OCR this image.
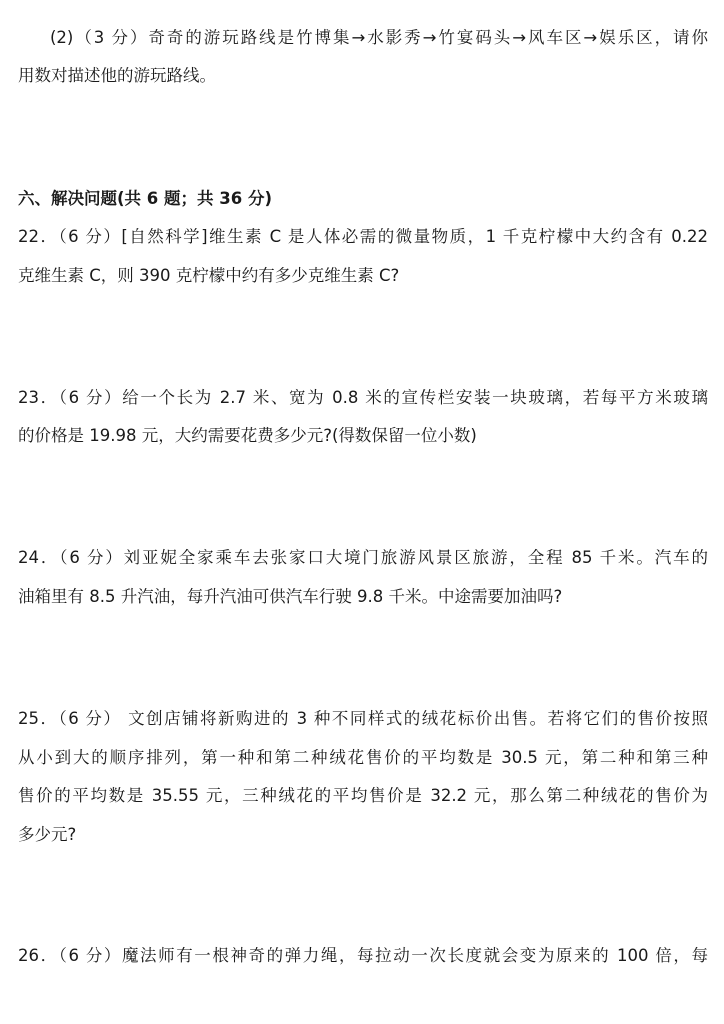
(2)（3 分）奇奇的游玩路线是竹博集→水影秀→竹宴码头→风车区→娱乐区，请你
用数对描述他的游玩路线。
六、解决问题(共 6 题；共 36 分)
22．（6 分）[自然科学]维生素 C 是人体必需的微量物质，1 千克柠檬中大约含有 0.22
克维生素 C，则 390 克柠檬中约有多少克维生素 C?
23．（6 分）给一个长为 2.7 米、宽为 0.8 米的宣传栏安装一块玻璃，若每平方米玻璃
的价格是 19.98 元，大约需要花费多少元?(得数保留一位小数)
24．（6 分）刘亚妮全家乘车去张家口大境门旅游风景区旅游，全程 85 千米。汽车的
油箱里有 8.5 升汽油，每升汽油可供汽车行驶 9.8 千米。中途需要加油吗?
25．（6 分） 文创店铺将新购进的 3 种不同样式的绒花标价出售。若将它们的售价按照
从小到大的顺序排列，第一种和第二种绒花售价的平均数是 30.5 元，第二种和第三种
售价的平均数是 35.55 元，三种绒花的平均售价是 32.2 元，那么第二种绒花的售价为
多少元?
26．（6 分）魔法师有一根神奇的弹力绳，每拉动一次长度就会变为原来的 100 倍，每
